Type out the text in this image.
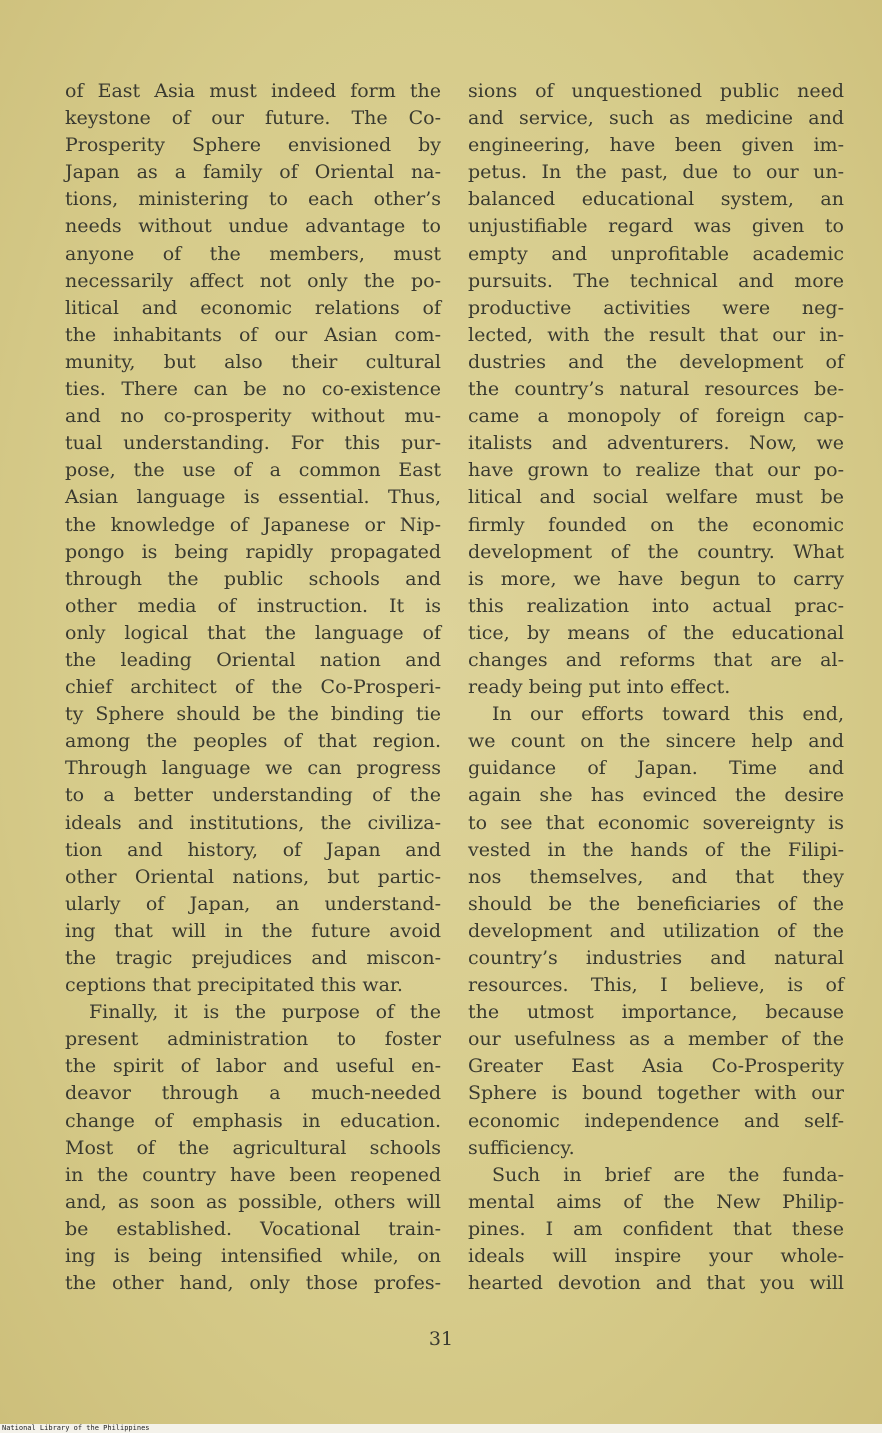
of East Asia must indeed form the
keystone of our future. The Co-
Prosperity Sphere envisioned by
Japan as a family of Oriental na-
tions, ministering to each other’s
needs without undue advantage to
anyone of the members, must
necessarily affect not only the po-
litical and economic relations of
the inhabitants of our Asian com-
munity, but also their cultural
ties. There can be no co-existence
and no co-prosperity without mu-
tual understanding. For this pur-
pose, the use of a common East
Asian language is essential. Thus,
the knowledge of Japanese or Nip-
pongo is being rapidly propagated
through the public schools and
other media of instruction. It is
only logical that the language of
the leading Oriental nation and
chief architect of the Co-Prosperi-
ty Sphere should be the binding tie
among the peoples of that region.
Through language we can progress
to a better understanding of the
ideals and institutions, the civiliza-
tion and history, of Japan and
other Oriental nations, but partic-
ularly of Japan, an understand-
ing that will in the future avoid
the tragic prejudices and miscon-
ceptions that precipitated this war.
Finally, it is the purpose of the
present administration to foster
the spirit of labor and useful en-
deavor through a much-needed
change of emphasis in education.
Most of the agricultural schools
in the country have been reopened
and, as soon as possible, others will
be established. Vocational train-
ing is being intensified while, on
the other hand, only those profes-
sions of unquestioned public need
and service, such as medicine and
engineering, have been given im-
petus. In the past, due to our un-
balanced educational system, an
unjustifiable regard was given to
empty and unprofitable academic
pursuits. The technical and more
productive activities were neg-
lected, with the result that our in-
dustries and the development of
the country’s natural resources be-
came a monopoly of foreign cap-
italists and adventurers. Now, we
have grown to realize that our po-
litical and social welfare must be
firmly founded on the economic
development of the country. What
is more, we have begun to carry
this realization into actual prac-
tice, by means of the educational
changes and reforms that are al-
ready being put into effect.
In our efforts toward this end,
we count on the sincere help and
guidance of Japan. Time and
again she has evinced the desire
to see that economic sovereignty is
vested in the hands of the Filipi-
nos themselves, and that they
should be the beneficiaries of the
development and utilization of the
country’s industries and natural
resources. This, I believe, is of
the utmost importance, because
our usefulness as a member of the
Greater East Asia Co-Prosperity
Sphere is bound together with our
economic independence and self-
sufficiency.
Such in brief are the funda-
mental aims of the New Philip-
pines. I am confident that these
ideals will inspire your whole-
hearted devotion and that you will
31
National Library of the Philippines
